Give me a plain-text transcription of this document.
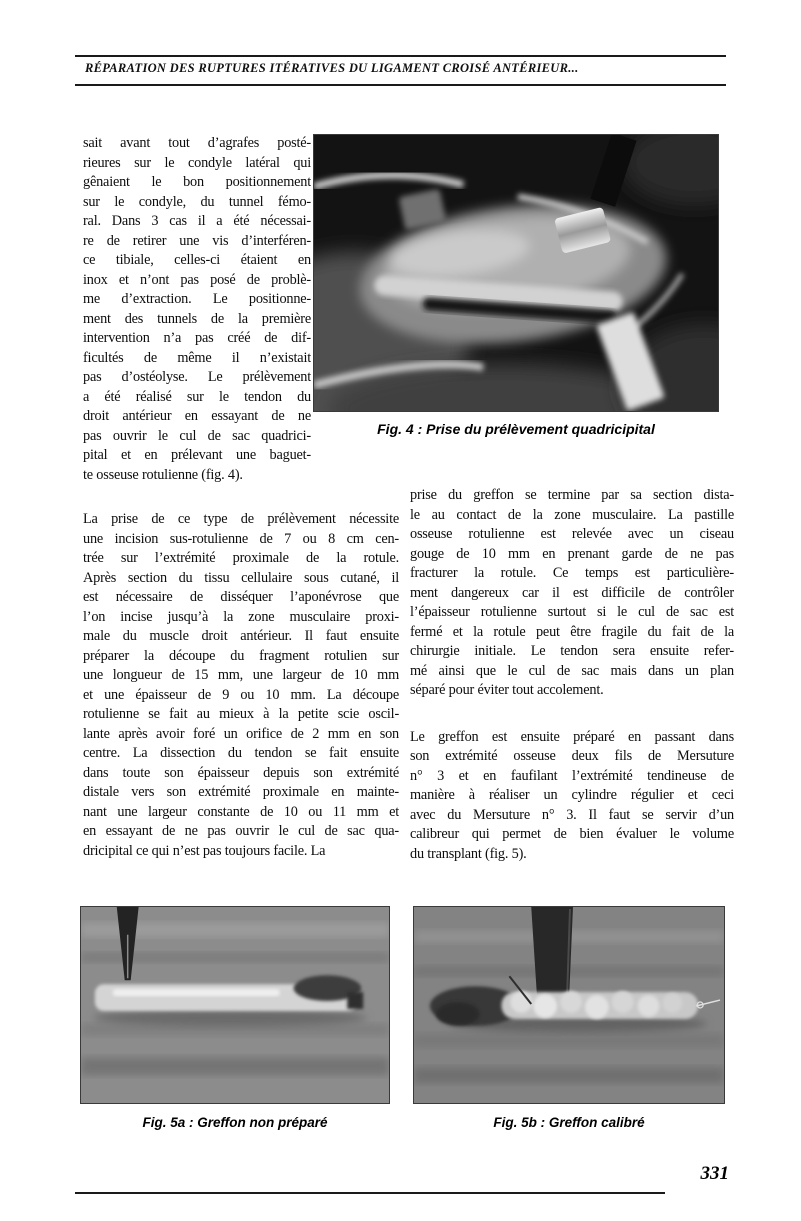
RÉPARATION DES RUPTURES ITÉRATIVES DU LIGAMENT CROISÉ ANTÉRIEUR...
sait avant tout d’agrafes posté-
rieures sur le condyle latéral qui
gênaient le bon positionnement
sur le condyle, du tunnel fémo-
ral. Dans 3 cas il a été nécessai-
re de retirer une vis d’interféren-
ce tibiale, celles-ci étaient en
inox et n’ont pas posé de problè-
me d’extraction. Le positionne-
ment des tunnels de la première
intervention n’a pas créé de dif-
ficultés de même il n’existait
pas d’ostéolyse. Le prélèvement
a été réalisé sur le tendon du
droit antérieur en essayant de ne
pas ouvrir le cul de sac quadrici-
pital et en prélevant une baguet-
te osseuse rotulienne (fig. 4).
Fig. 4 : Prise du prélèvement quadricipital
La prise de ce type de prélèvement nécessite
une incision sus-rotulienne de 7 ou 8 cm cen-
trée sur l’extrémité proximale de la rotule.
Après section du tissu cellulaire sous cutané, il
est nécessaire de disséquer l’aponévrose que
l’on incise jusqu’à la zone musculaire proxi-
male du muscle droit antérieur. Il faut ensuite
préparer la découpe du fragment rotulien sur
une longueur de 15 mm, une largeur de 10 mm
et une épaisseur de 9 ou 10 mm. La découpe
rotulienne se fait au mieux à la petite scie oscil-
lante après avoir foré un orifice de 2 mm en son
centre. La dissection du tendon se fait ensuite
dans toute son épaisseur depuis son extrémité
distale vers son extrémité proximale en mainte-
nant une largeur constante de 10 ou 11 mm et
en essayant de ne pas ouvrir le cul de sac qua-
dricipital ce qui n’est pas toujours facile. La
prise du greffon se termine par sa section dista-
le au contact de la zone musculaire. La pastille
osseuse rotulienne est relevée avec un ciseau
gouge de 10 mm en prenant garde de ne pas
fracturer la rotule. Ce temps est particulière-
ment dangereux car il est difficile de contrôler
l’épaisseur rotulienne surtout si le cul de sac est
fermé et la rotule peut être fragile du fait de la
chirurgie initiale. Le tendon sera ensuite refer-
mé ainsi que le cul de sac mais dans un plan
séparé pour éviter tout accolement.
Le greffon est ensuite préparé en passant dans
son extrémité osseuse deux fils de Mersuture
n° 3 et en faufilant l’extrémité tendineuse de
manière à réaliser un cylindre régulier et ceci
avec du Mersuture n° 3. Il faut se servir d’un
calibreur qui permet de bien évaluer le volume
du transplant (fig. 5).
Fig. 5a : Greffon non préparé	Fig. 5b : Greffon calibré
331
